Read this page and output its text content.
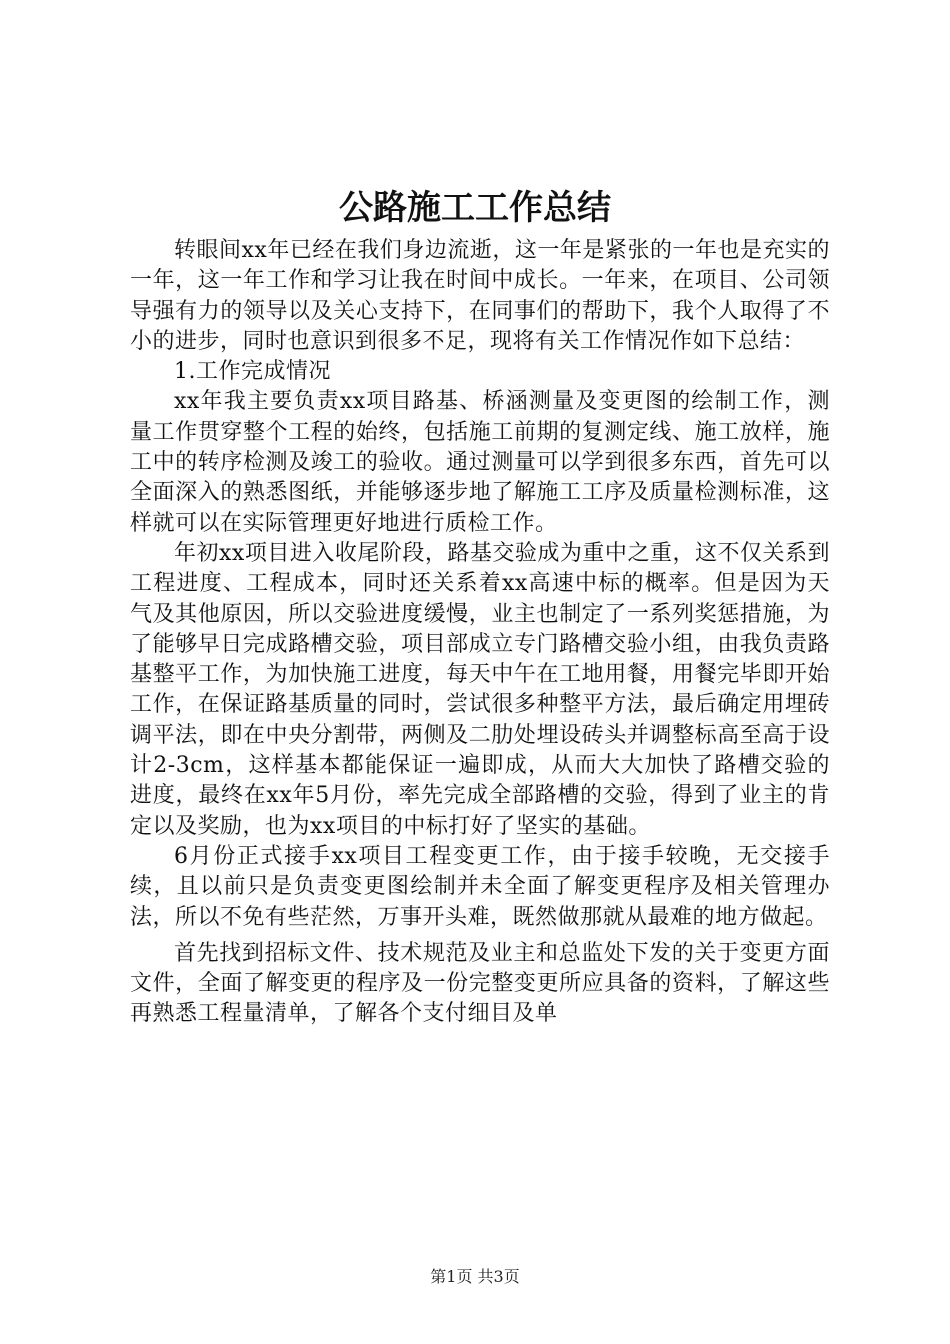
公路施工工作总结

转眼间xx年已经在我们身边流逝，这一年是紧张的一年也是充实的一年，这一年工作和学习让我在时间中成长。一年来，在项目、公司领导强有力的领导以及关心支持下，在同事们的帮助下，我个人取得了不小的进步，同时也意识到很多不足，现将有关工作情况作如下总结：

1.工作完成情况

xx年我主要负责xx项目路基、桥涵测量及变更图的绘制工作，测量工作贯穿整个工程的始终，包括施工前期的复测定线、施工放样，施工中的转序检测及竣工的验收。通过测量可以学到很多东西，首先可以全面深入的熟悉图纸，并能够逐步地了解施工工序及质量检测标准，这样就可以在实际管理更好地进行质检工作。

年初xx项目进入收尾阶段，路基交验成为重中之重，这不仅关系到工程进度、工程成本，同时还关系着xx高速中标的概率。但是因为天气及其他原因，所以交验进度缓慢，业主也制定了一系列奖惩措施，为了能够早日完成路槽交验，项目部成立专门路槽交验小组，由我负责路基整平工作，为加快施工进度，每天中午在工地用餐，用餐完毕即开始工作，在保证路基质量的同时，尝试很多种整平方法，最后确定用埋砖调平法，即在中央分割带，两侧及二肋处埋设砖头并调整标高至高于设计2-3cm，这样基本都能保证一遍即成，从而大大加快了路槽交验的进度，最终在xx年5月份，率先完成全部路槽的交验，得到了业主的肯定以及奖励，也为xx项目的中标打好了坚实的基础。

6月份正式接手xx项目工程变更工作，由于接手较晚，无交接手续，且以前只是负责变更图绘制并未全面了解变更程序及相关管理办法，所以不免有些茫然，万事开头难，既然做那就从最难的地方做起。

首先找到招标文件、技术规范及业主和总监处下发的关于变更方面文件，全面了解变更的程序及一份完整变更所应具备的资料，了解这些再熟悉工程量清单，了解各个支付细目及单

第1页 共3页
